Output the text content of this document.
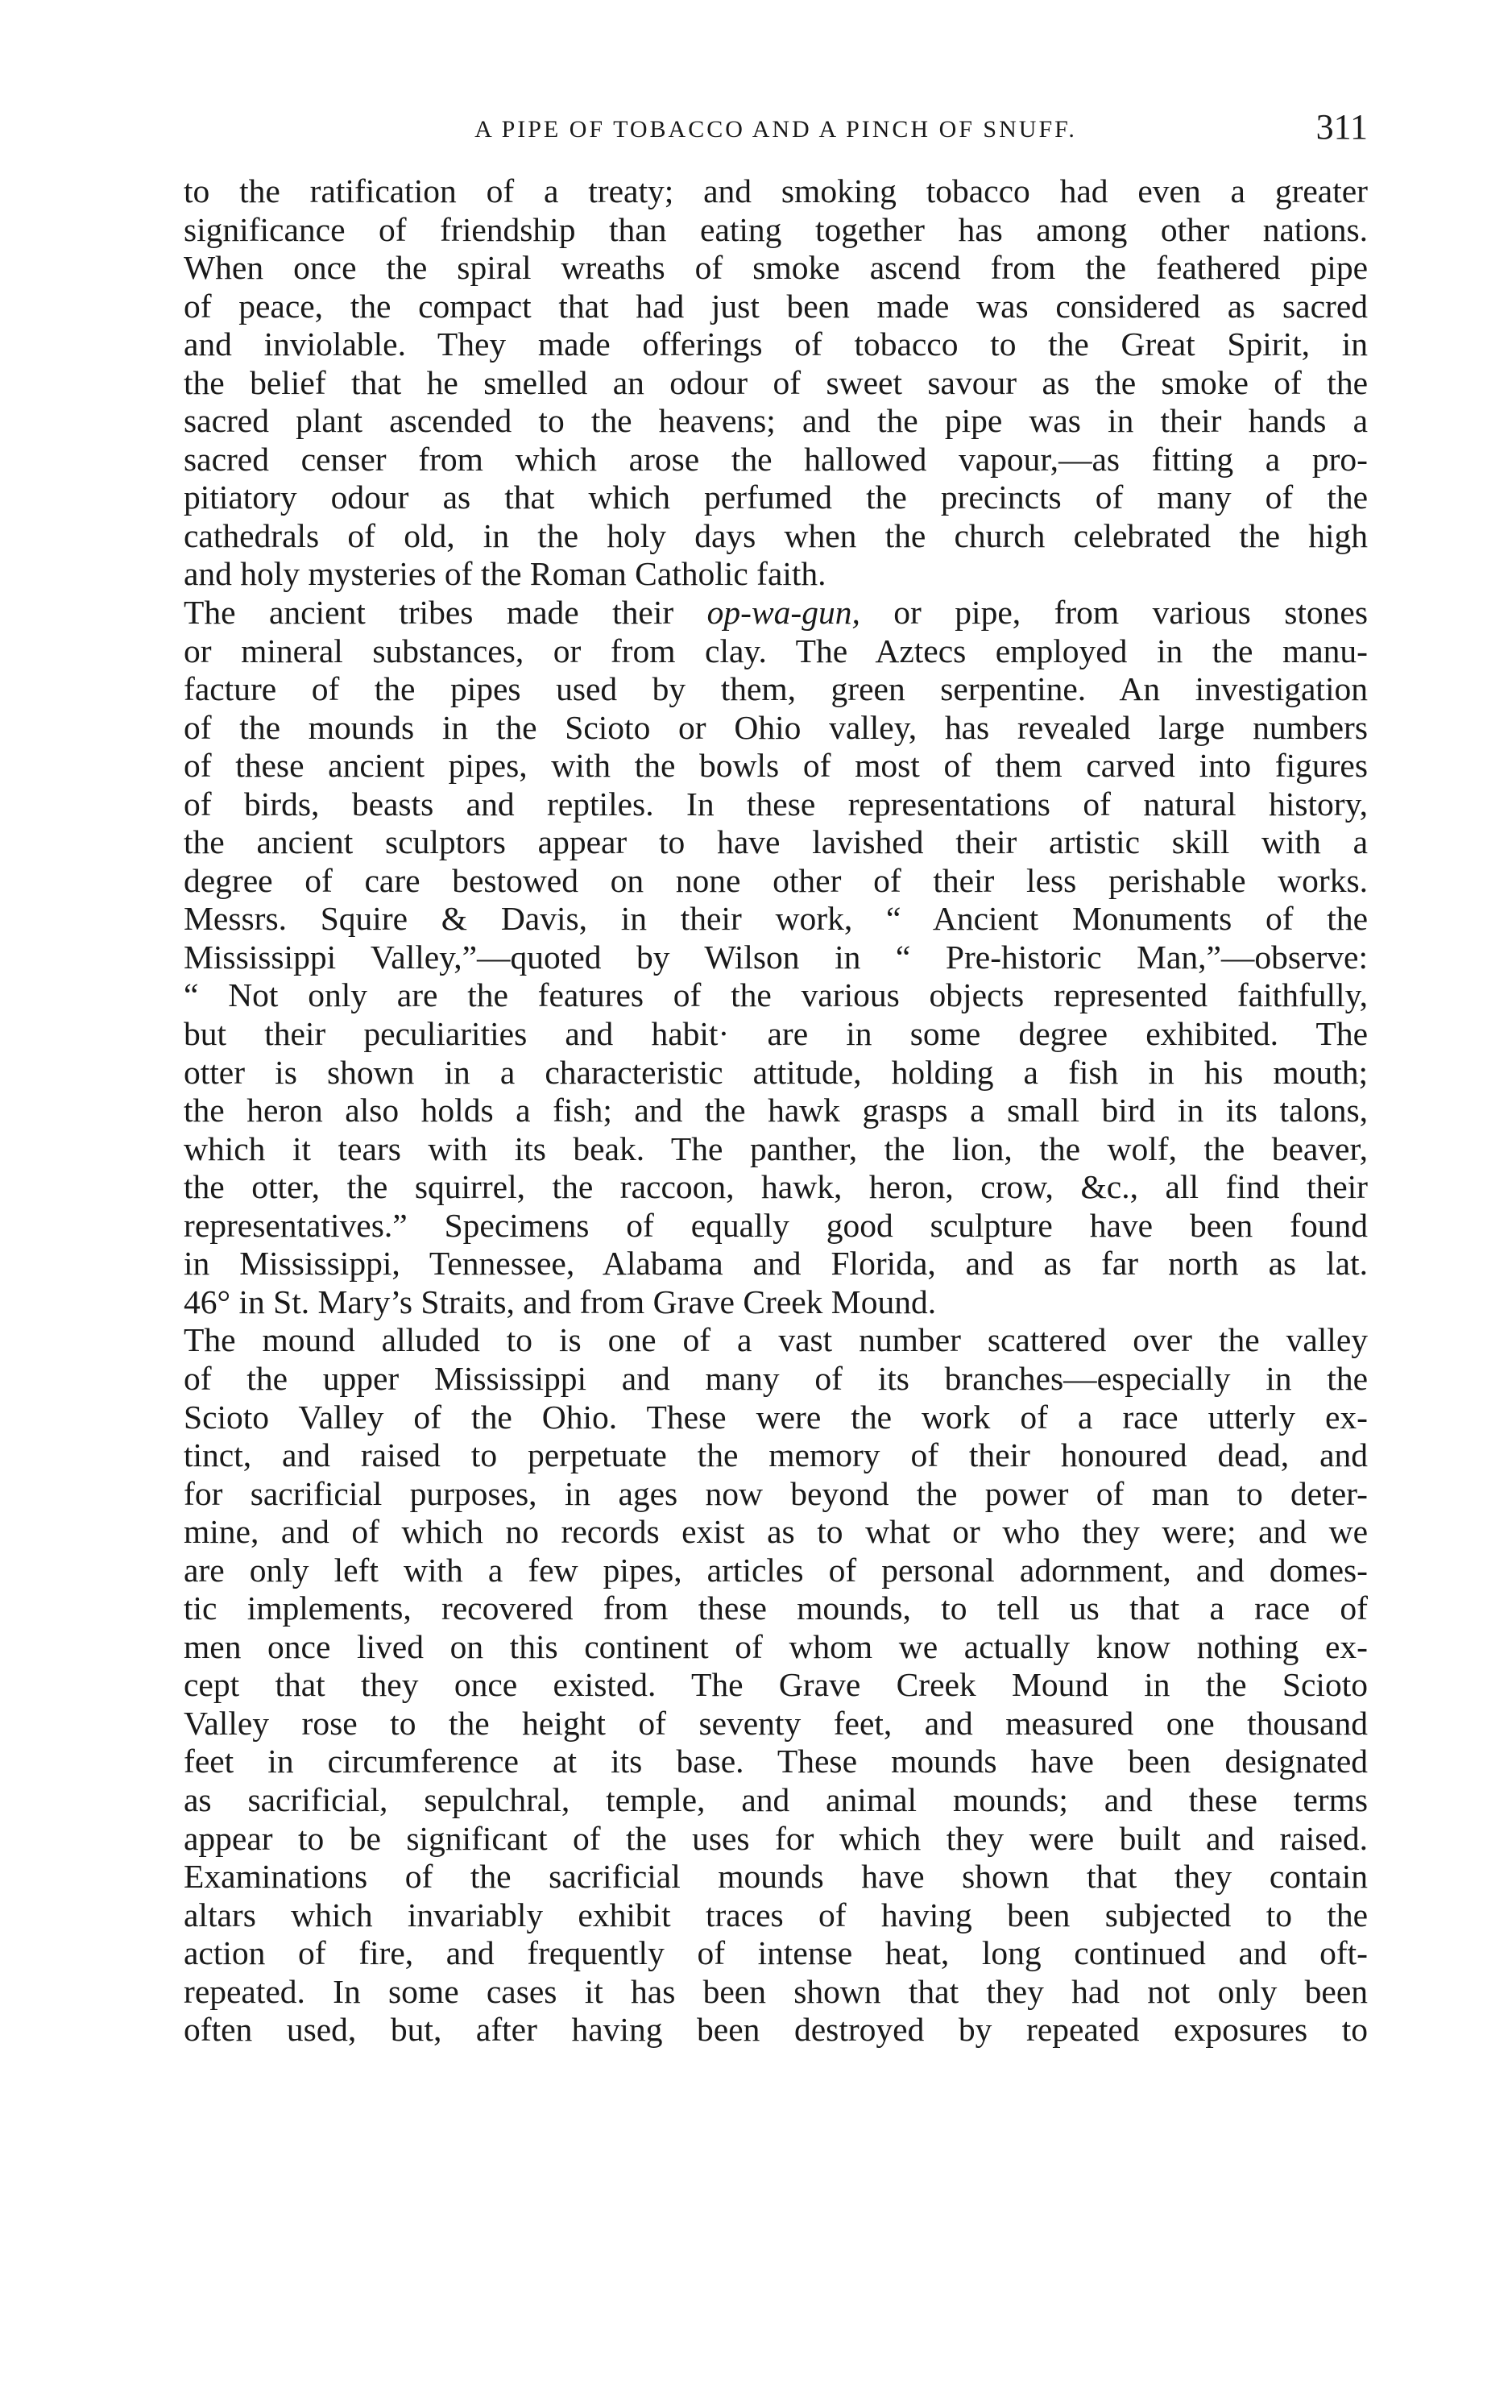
A PIPE OF TOBACCO AND A PINCH OF SNUFF.	311

to the ratification of a treaty; and smoking tobacco had even a greater
significance of friendship than eating together has among other nations.
When once the spiral wreaths of smoke ascend from the feathered pipe
of peace, the compact that had just been made was considered as sacred
and inviolable. They made offerings of tobacco to the Great Spirit, in
the belief that he smelled an odour of sweet savour as the smoke of the
sacred plant ascended to the heavens; and the pipe was in their hands a
sacred censer from which arose the hallowed vapour,—as fitting a pro-
pitiatory odour as that which perfumed the precincts of many of the
cathedrals of old, in the holy days when the church celebrated the high
and holy mysteries of the Roman Catholic faith.

The ancient tribes made their op-wa-gun, or pipe, from various stones
or mineral substances, or from clay. The Aztecs employed in the manu-
facture of the pipes used by them, green serpentine. An investigation
of the mounds in the Scioto or Ohio valley, has revealed large numbers
of these ancient pipes, with the bowls of most of them carved into figures
of birds, beasts and reptiles. In these representations of natural history,
the ancient sculptors appear to have lavished their artistic skill with a
degree of care bestowed on none other of their less perishable works.
Messrs. Squire & Davis, in their work, “ Ancient Monuments of the
Mississippi Valley,”—quoted by Wilson in “ Pre-historic Man,”—observe:
“ Not only are the features of the various objects represented faithfully,
but their peculiarities and habit· are in some degree exhibited. The
otter is shown in a characteristic attitude, holding a fish in his mouth;
the heron also holds a fish; and the hawk grasps a small bird in its talons,
which it tears with its beak. The panther, the lion, the wolf, the beaver,
the otter, the squirrel, the raccoon, hawk, heron, crow, &c., all find their
representatives.” Specimens of equally good sculpture have been found
in Mississippi, Tennessee, Alabama and Florida, and as far north as lat.
46° in St. Mary’s Straits, and from Grave Creek Mound.

The mound alluded to is one of a vast number scattered over the valley
of the upper Mississippi and many of its branches—especially in the
Scioto Valley of the Ohio. These were the work of a race utterly ex-
tinct, and raised to perpetuate the memory of their honoured dead, and
for sacrificial purposes, in ages now beyond the power of man to deter-
mine, and of which no records exist as to what or who they were; and we
are only left with a few pipes, articles of personal adornment, and domes-
tic implements, recovered from these mounds, to tell us that a race of
men once lived on this continent of whom we actually know nothing ex-
cept that they once existed. The Grave Creek Mound in the Scioto
Valley rose to the height of seventy feet, and measured one thousand
feet in circumference at its base. These mounds have been designated
as sacrificial, sepulchral, temple, and animal mounds; and these terms
appear to be significant of the uses for which they were built and raised.
Examinations of the sacrificial mounds have shown that they contain
altars which invariably exhibit traces of having been subjected to the
action of fire, and frequently of intense heat, long continued and oft-
repeated. In some cases it has been shown that they had not only been
often used, but, after having been destroyed by repeated exposures to
